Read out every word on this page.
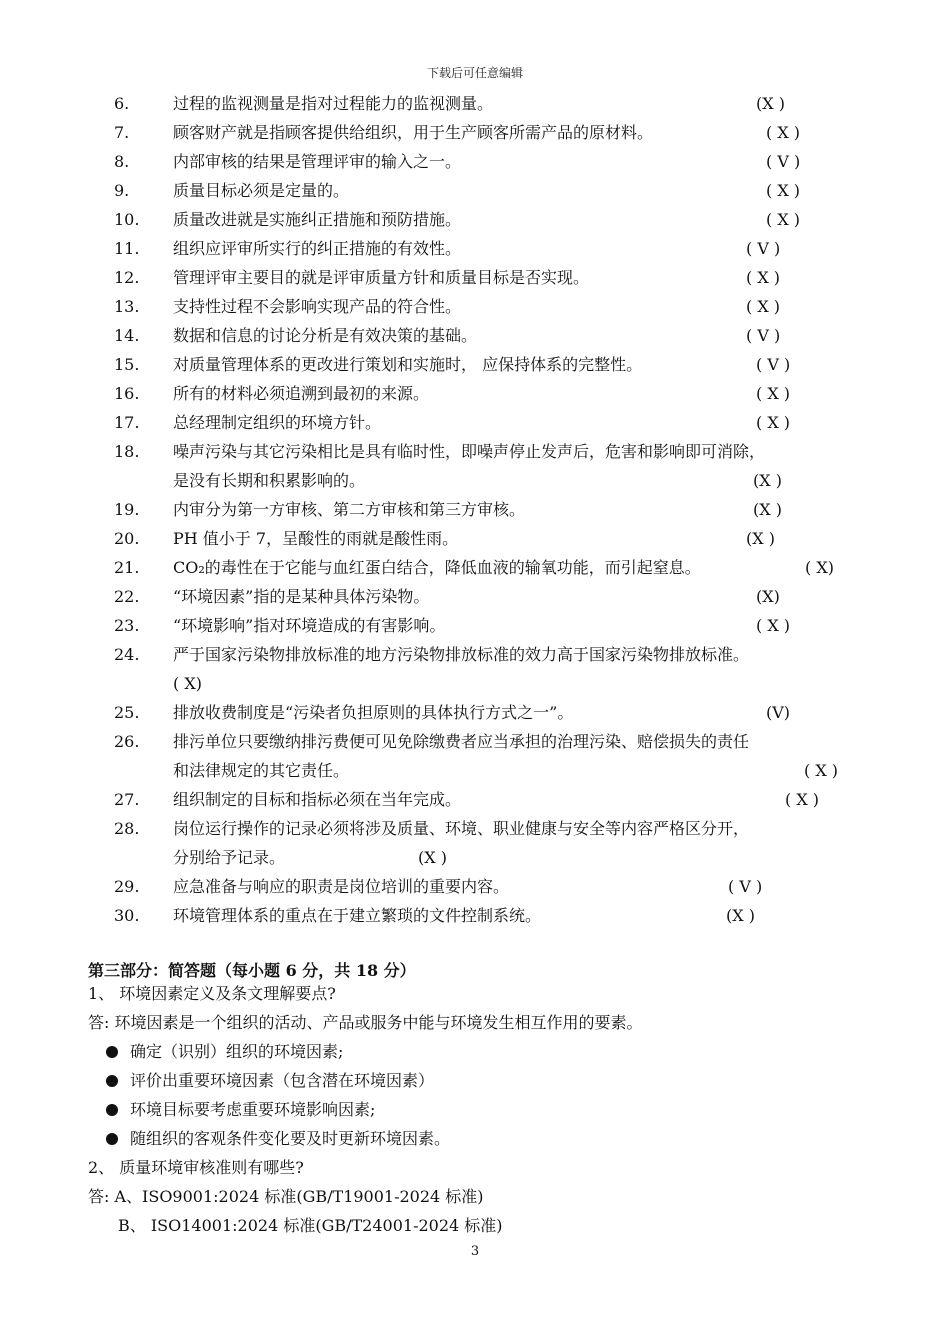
下载后可任意编辑
6.	过程的监视测量是指对过程能力的监视测量。	(X )
7.	顾客财产就是指顾客提供给组织，用于生产顾客所需产品的原材料。	( X )
8.	内部审核的结果是管理评审的输入之一。	( V )
9.	质量目标必须是定量的。	( X )
10.	质量改进就是实施纠正措施和预防措施。	( X )
11.	组织应评审所实行的纠正措施的有效性。	( V )
12.	管理评审主要目的就是评审质量方针和质量目标是否实现。	( X )
13.	支持性过程不会影响实现产品的符合性。	( X )
14.	数据和信息的讨论分析是有效决策的基础。	( V )
15.	对质量管理体系的更改进行策划和实施时， 应保持体系的完整性。	( V )
16.	所有的材料必须追溯到最初的来源。	( X )
17.	总经理制定组织的环境方针。	( X )
18.	噪声污染与其它污染相比是具有临时性，即噪声停止发声后，危害和影响即可消除，
是没有长期和积累影响的。	(X )
19.	内审分为第一方审核、第二方审核和第三方审核。	(X )
20.	PH 值小于 7，呈酸性的雨就是酸性雨。	(X )
21.	CO₂的毒性在于它能与血红蛋白结合，降低血液的输氧功能，而引起窒息。	( X)
22.	“环境因素”指的是某种具体污染物。	(X)
23.	“环境影响”指对环境造成的有害影响。	( X )
24.	严于国家污染物排放标准的地方污染物排放标准的效力高于国家污染物排放标准。
( X)
25.	排放收费制度是“污染者负担原则的具体执行方式之一”。	(V)
26.	排污单位只要缴纳排污费便可见免除缴费者应当承担的治理污染、赔偿损失的责任
和法律规定的其它责任。	( X )
27.	组织制定的目标和指标必须在当年完成。	( X )
28.	岗位运行操作的记录必须将涉及质量、环境、职业健康与安全等内容严格区分开，
分别给予记录。	(X )
29.	应急准备与响应的职责是岗位培训的重要内容。	( V )
30.	环境管理体系的重点在于建立繁琐的文件控制系统。	(X )
第三部分：简答题（每小题 6 分，共 18 分）
1、 环境因素定义及条文理解要点?
答: 环境因素是一个组织的活动、产品或服务中能与环境发生相互作用的要素。
确定（识别）组织的环境因素;
评价出重要环境因素（包含潜在环境因素）
环境目标要考虑重要环境影响因素;
随组织的客观条件变化要及时更新环境因素。
2、 质量环境审核准则有哪些?
答: A、ISO9001:2024 标准(GB/T19001-2024 标准)
B、 ISO14001:2024 标准(GB/T24001-2024 标准)
3
